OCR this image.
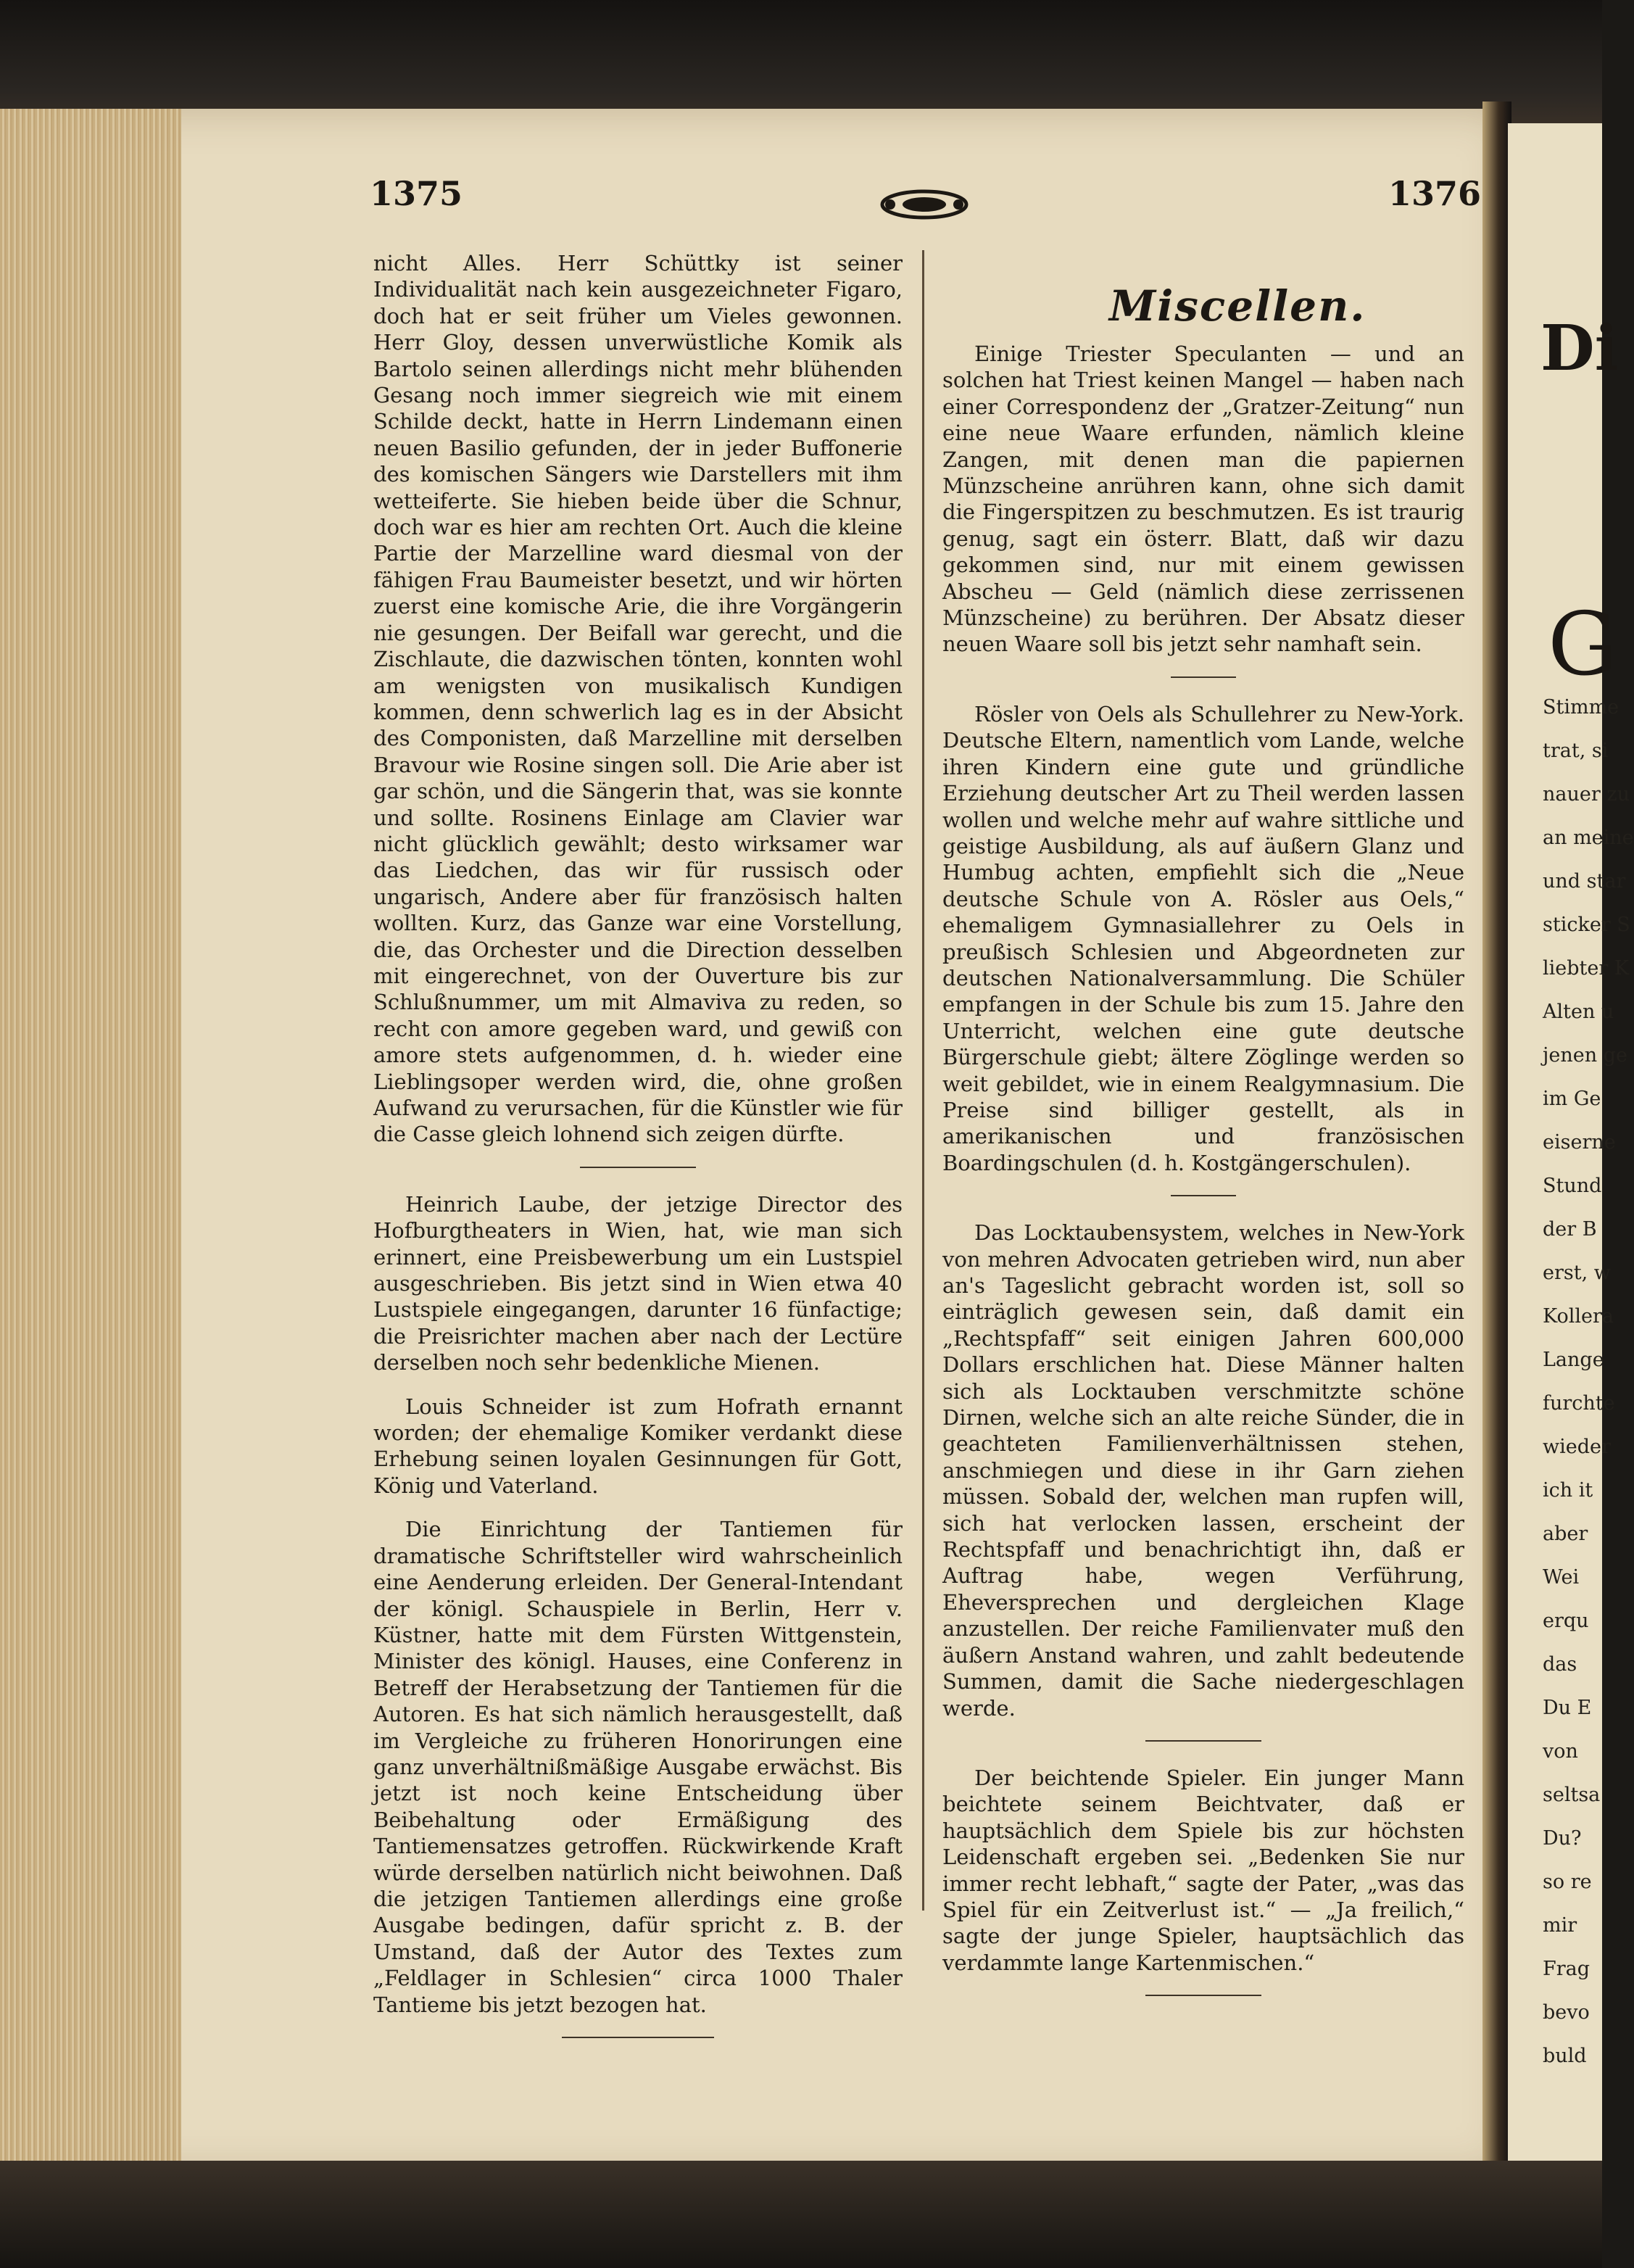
1375	1376

nicht Alles. Herr Schüttky ist seiner Individualität nach kein ausgezeichneter Figaro, doch hat er seit früher um Vieles gewonnen. Herr Gloy, dessen unverwüstliche Komik als Bartolo seinen allerdings nicht mehr blühenden Gesang noch immer siegreich wie mit einem Schilde deckt, hatte in Herrn Lindemann einen neuen Basilio gefunden, der in jeder Buffonerie des komischen Sängers wie Darstellers mit ihm wetteiferte. Sie hieben beide über die Schnur, doch war es hier am rechten Ort. Auch die kleine Partie der Marzelline ward diesmal von der fähigen Frau Baumeister besetzt, und wir hörten zuerst eine komische Arie, die ihre Vorgängerin nie gesungen. Der Beifall war gerecht, und die Zischlaute, die dazwischen tönten, konnten wohl am wenigsten von musikalisch Kundigen kommen, denn schwerlich lag es in der Absicht des Componisten, daß Marzelline mit derselben Bravour wie Rosine singen soll. Die Arie aber ist gar schön, und die Sängerin that, was sie konnte und sollte. Rosinens Einlage am Clavier war nicht glücklich gewählt; desto wirksamer war das Liedchen, das wir für russisch oder ungarisch, Andere aber für französisch halten wollten. Kurz, das Ganze war eine Vorstellung, die, das Orchester und die Direction desselben mit eingerechnet, von der Ouverture bis zur Schlußnummer, um mit Almaviva zu reden, so recht con amore gegeben ward, und gewiß con amore stets aufgenommen, d. h. wieder eine Lieblingsoper werden wird, die, ohne großen Aufwand zu verursachen, für die Künstler wie für die Casse gleich lohnend sich zeigen dürfte.

Heinrich Laube, der jetzige Director des Hofburgtheaters in Wien, hat, wie man sich erinnert, eine Preisbewerbung um ein Lustspiel ausgeschrieben. Bis jetzt sind in Wien etwa 40 Lustspiele eingegangen, darunter 16 fünfactige; die Preisrichter machen aber nach der Lectüre derselben noch sehr bedenkliche Mienen.

Louis Schneider ist zum Hofrath ernannt worden; der ehemalige Komiker verdankt diese Erhebung seinen loyalen Gesinnungen für Gott, König und Vaterland.

Die Einrichtung der Tantiemen für dramatische Schriftsteller wird wahrscheinlich eine Aenderung erleiden. Der General-Intendant der königl. Schauspiele in Berlin, Herr v. Küstner, hatte mit dem Fürsten Wittgenstein, Minister des königl. Hauses, eine Conferenz in Betreff der Herabsetzung der Tantiemen für die Autoren. Es hat sich nämlich herausgestellt, daß im Vergleiche zu früheren Honorirungen eine ganz unverhältnißmäßige Ausgabe erwächst. Bis jetzt ist noch keine Entscheidung über Beibehaltung oder Ermäßigung des Tantiemensatzes getroffen. Rückwirkende Kraft würde derselben natürlich nicht beiwohnen. Daß die jetzigen Tantiemen allerdings eine große Ausgabe bedingen, dafür spricht z. B. der Umstand, daß der Autor des Textes zum „Feldlager in Schlesien“ circa 1000 Thaler Tantieme bis jetzt bezogen hat.

Miscellen.

Einige Triester Speculanten — und an solchen hat Triest keinen Mangel — haben nach einer Correspondenz der „Gratzer-Zeitung“ nun eine neue Waare erfunden, nämlich kleine Zangen, mit denen man die papiernen Münzscheine anrühren kann, ohne sich damit die Fingerspitzen zu beschmutzen. Es ist traurig genug, sagt ein österr. Blatt, daß wir dazu gekommen sind, nur mit einem gewissen Abscheu — Geld (nämlich diese zerrissenen Münzscheine) zu berühren. Der Absatz dieser neuen Waare soll bis jetzt sehr namhaft sein.

Rösler von Oels als Schullehrer zu New-York. Deutsche Eltern, namentlich vom Lande, welche ihren Kindern eine gute und gründliche Erziehung deutscher Art zu Theil werden lassen wollen und welche mehr auf wahre sittliche und geistige Ausbildung, als auf äußern Glanz und Humbug achten, empfiehlt sich die „Neue deutsche Schule von A. Rösler aus Oels,“ ehemaligem Gymnasiallehrer zu Oels in preußisch Schlesien und Abgeordneten zur deutschen Nationalversammlung. Die Schüler empfangen in der Schule bis zum 15. Jahre den Unterricht, welchen eine gute deutsche Bürgerschule giebt; ältere Zöglinge werden so weit gebildet, wie in einem Realgymnasium. Die Preise sind billiger gestellt, als in amerikanischen und französischen Boardingschulen (d. h. Kostgängerschulen).

Das Locktaubensystem, welches in New-York von mehren Advocaten getrieben wird, nun aber an's Tageslicht gebracht worden ist, soll so einträglich gewesen sein, daß damit ein „Rechtspfaff“ seit einigen Jahren 600,000 Dollars erschlichen hat. Diese Männer halten sich als Locktauben verschmitzte schöne Dirnen, welche sich an alte reiche Sünder, die in geachteten Familienverhältnissen stehen, anschmiegen und diese in ihr Garn ziehen müssen. Sobald der, welchen man rupfen will, sich hat verlocken lassen, erscheint der Rechtspfaff und benachrichtigt ihn, daß er Auftrag habe, wegen Verführung, Eheversprechen und dergleichen Klage anzustellen. Der reiche Familienvater muß den äußern Anstand wahren, und zahlt bedeutende Summen, damit die Sache niedergeschlagen werde.

Der beichtende Spieler. Ein junger Mann beichtete seinem Beichtvater, daß er hauptsächlich dem Spiele bis zur höchsten Leidenschaft ergeben sei. „Bedenken Sie nur immer recht lebhaft,“ sagte der Pater, „was das Spiel für ein Zeitverlust ist.“ — „Ja freilich,“ sagte der junge Spieler, hauptsächlich das verdammte lange Kartenmischen.“

Di
G
Stimme
trat, si
nauer zu
an meine
und star
sticker S
liebter K
Alten u
jenen ge
im Ge
eiserne
Stund
der B
erst, w
Kollera
Lange
furchte
wieder
ich it
aber
Wei
erqu
das
Du E
von
seltsa
Du?
so re
mir
Frag
bevo
buld
